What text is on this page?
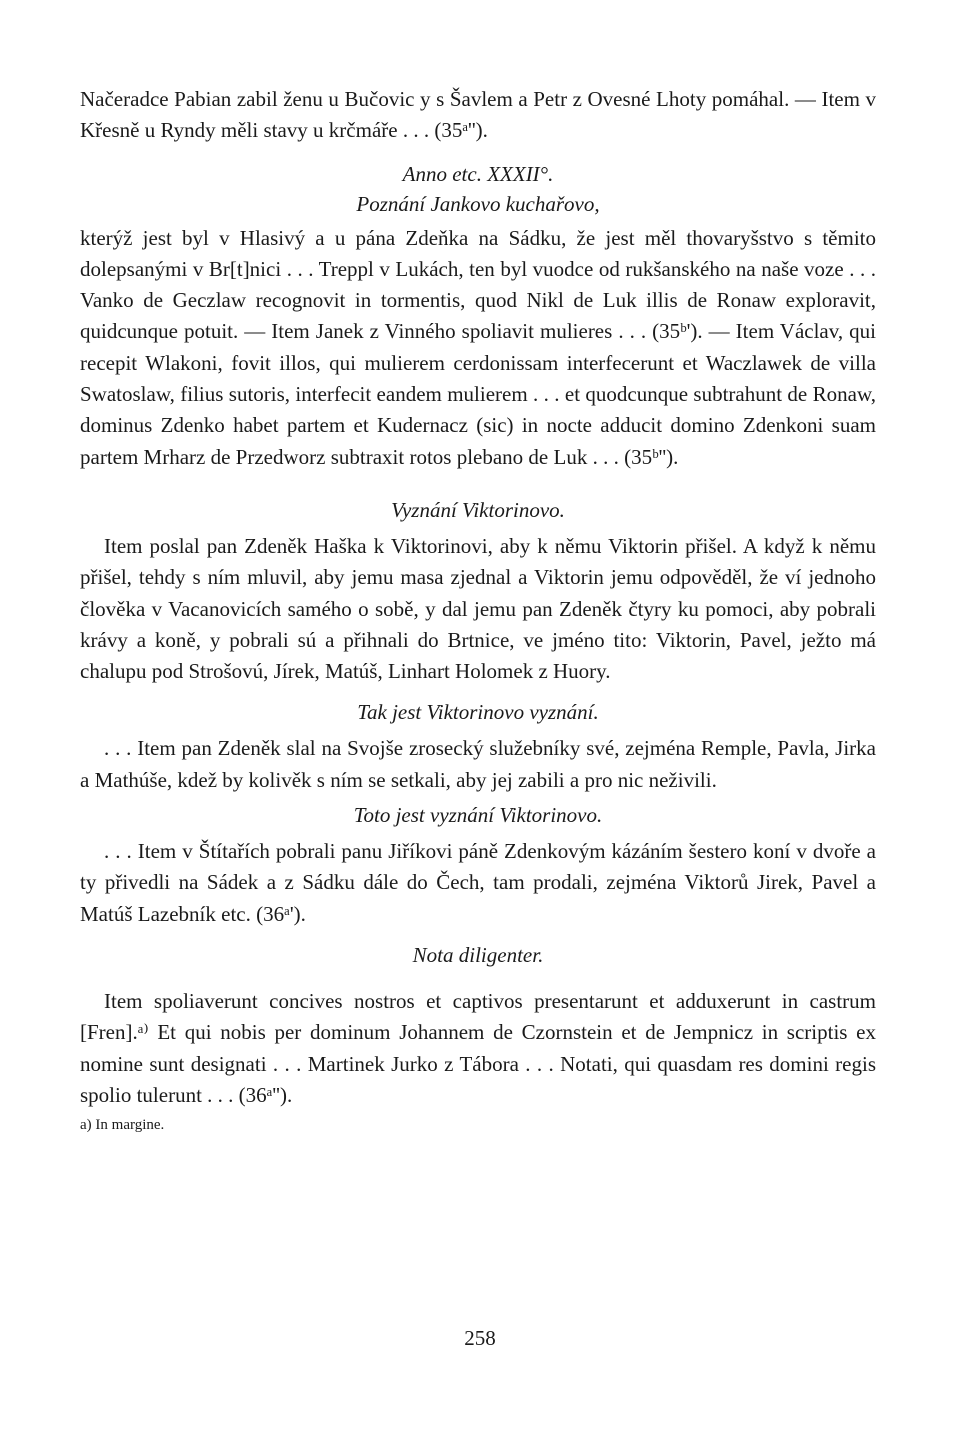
Načeradce Pabian zabil ženu u Bučovic y s Šavlem a Petr z Ovesné Lhoty pomáhal. — Item v Křesně u Ryndy měli stavy u krčmáře . . . (35ᵃ'').

Anno etc. XXXII°.

Poznání Jankovo kuchařovo,

kterýž jest byl v Hlasivý a u pána Zdeňka na Sádku, že jest měl thovaryšstvo s těmito dolepsanými v Br[t]nici . . . Treppl v Lukách, ten byl vuodce od rukšanského na naše voze . . . Vanko de Geczlaw recognovit in tormentis, quod Nikl de Luk illis de Ronaw exploravit, quidcunque potuit. — Item Janek z Vinného spoliavit mulieres . . . (35ᵇ'). — Item Václav, qui recepit Wlakoni, fovit illos, qui mulierem cerdonissam interfecerunt et Waczlawek de villa Swatoslaw, filius sutoris, interfecit eandem mulierem . . . et quodcunque subtrahunt de Ronaw, dominus Zdenko habet partem et Kudernacz (sic) in nocte adducit domino Zdenkoni suam partem Mrharz de Przedworz subtraxit rotos plebano de Luk . . . (35ᵇ'').

Vyznání Viktorinovo.

Item poslal pan Zdeněk Haška k Viktorinovi, aby k němu Viktorin přišel. A když k němu přišel, tehdy s ním mluvil, aby jemu masa zjednal a Viktorin jemu odpověděl, že ví jednoho člověka v Vacanovicích samého o sobě, y dal jemu pan Zdeněk čtyry ku pomoci, aby pobrali krávy a koně, y pobrali sú a přihnali do Brtnice, ve jméno tito: Viktorin, Pavel, ježto má chalupu pod Strošovú, Jírek, Matúš, Linhart Holomek z Huory.

Tak jest Viktorinovo vyznání.

. . . Item pan Zdeněk slal na Svojše zrosecký služebníky své, zejména Remple, Pavla, Jirka a Mathúše, kdež by kolivěk s ním se setkali, aby jej zabili a pro nic neživili.

Toto jest vyznání Viktorinovo.

. . . Item v Štítařích pobrali panu Jiříkovi páně Zdenkovým kázáním šestero koní v dvoře a ty přivedli na Sádek a z Sádku dále do Čech, tam prodali, zejména Viktorů Jirek, Pavel a Matúš Lazebník etc. (36ᵃ').

Nota diligenter.

Item spoliaverunt concives nostros et captivos presentarunt et adduxerunt in castrum [Fren].ᵃ⁾ Et qui nobis per dominum Johannem de Czornstein et de Jempnicz in scriptis ex nomine sunt designati . . . Martinek Jurko z Tábora . . . Notati, qui quasdam res domini regis spolio tulerunt . . . (36ᵃ'').

a) In margine.

258
